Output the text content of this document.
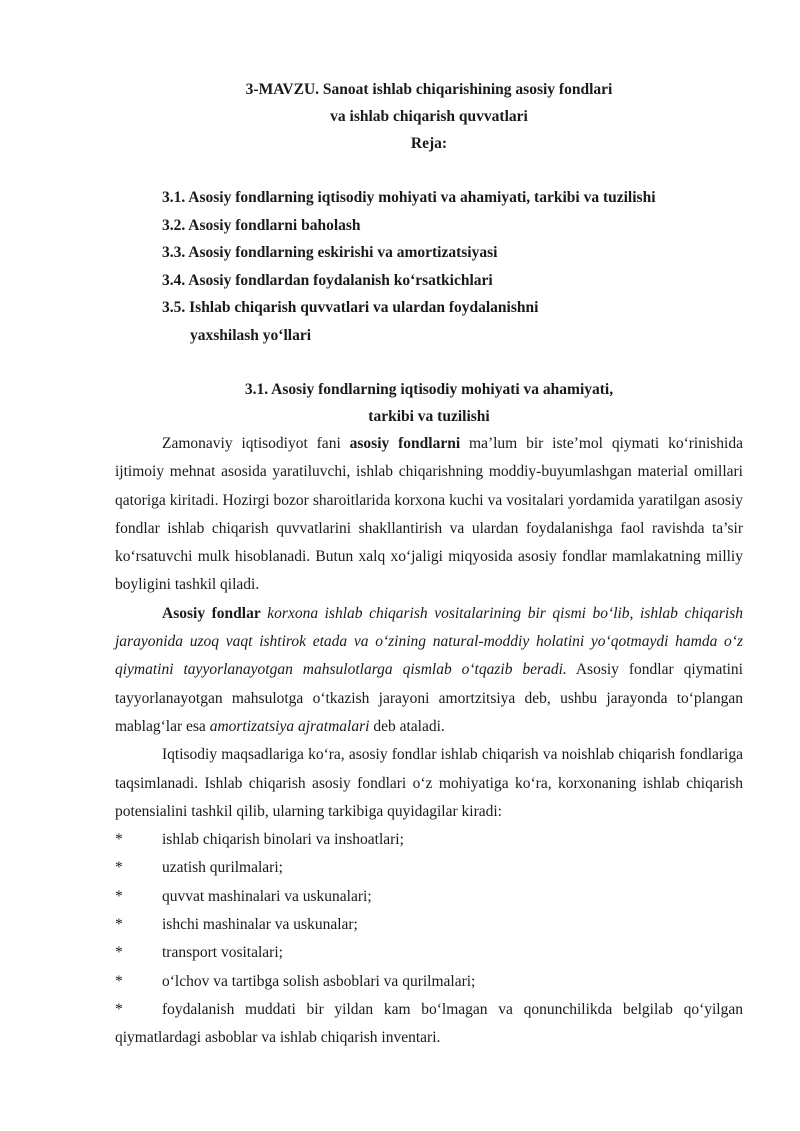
3-MAVZU. Sanoat ishlab chiqarishining asosiy fondlari

va ishlab chiqarish quvvatlari

Reja:

3.1. Asosiy fondlarning iqtisodiy mohiyati va ahamiyati, tarkibi va tuzilishi

3.2. Asosiy fondlarni baholash

3.3. Asosiy fondlarning eskirishi va amortizatsiyasi

3.4. Asosiy fondlardan foydalanish ko‘rsatkichlari

3.5. Ishlab chiqarish quvvatlari va ulardan foydalanishni

yaxshilash yo‘llari

3.1. Asosiy fondlarning iqtisodiy mohiyati va ahamiyati,

tarkibi va tuzilishi

Zamonaviy iqtisodiyot fani asosiy fondlarni ma’lum bir iste’mol qiymati ko‘rinishida ijtimoiy mehnat asosida yaratiluvchi, ishlab chiqarishning moddiy-buyumlashgan material omillari qatoriga kiritadi. Hozirgi bozor sharoitlarida korxona kuchi va vositalari yordamida yaratilgan asosiy fondlar ishlab chiqarish quvvatlarini shakllantirish va ulardan foydalanishga faol ravishda ta’sir ko‘rsatuvchi mulk hisoblanadi. Butun xalq xo‘jaligi miqyosida asosiy fondlar mamlakatning milliy boyligini tashkil qiladi.

Asosiy fondlar korxona ishlab chiqarish vositalarining bir qismi bo‘lib, ishlab chiqarish jarayonida uzoq vaqt ishtirok etada va o‘zining natural-moddiy holatini yo‘qotmaydi hamda o‘z qiymatini tayyorlanayotgan mahsulotlarga qismlab o‘tqazib beradi. Asosiy fondlar qiymatini tayyorlanayotgan mahsulotga o‘tkazish jarayoni amortzitsiya deb, ushbu jarayonda to‘plangan mablag‘lar esa amortizatsiya ajratmalari deb ataladi.

Iqtisodiy maqsadlariga ko‘ra, asosiy fondlar ishlab chiqarish va noishlab chiqarish fondlariga taqsimlanadi. Ishlab chiqarish asosiy fondlari o‘z mohiyatiga ko‘ra, korxonaning ishlab chiqarish potensialini tashkil qilib, ularning tarkibiga quyidagilar kiradi:

*	ishlab chiqarish binolari va inshoatlari;

*	uzatish qurilmalari;

*	quvvat mashinalari va uskunalari;

*	ishchi mashinalar va uskunalar;

*	transport vositalari;

*	o‘lchov va tartibga solish asboblari va qurilmalari;

*	foydalanish muddati bir yildan kam bo‘lmagan va qonunchilikda belgilab qo‘yilgan qiymatlardagi asboblar va ishlab chiqarish inventari.
